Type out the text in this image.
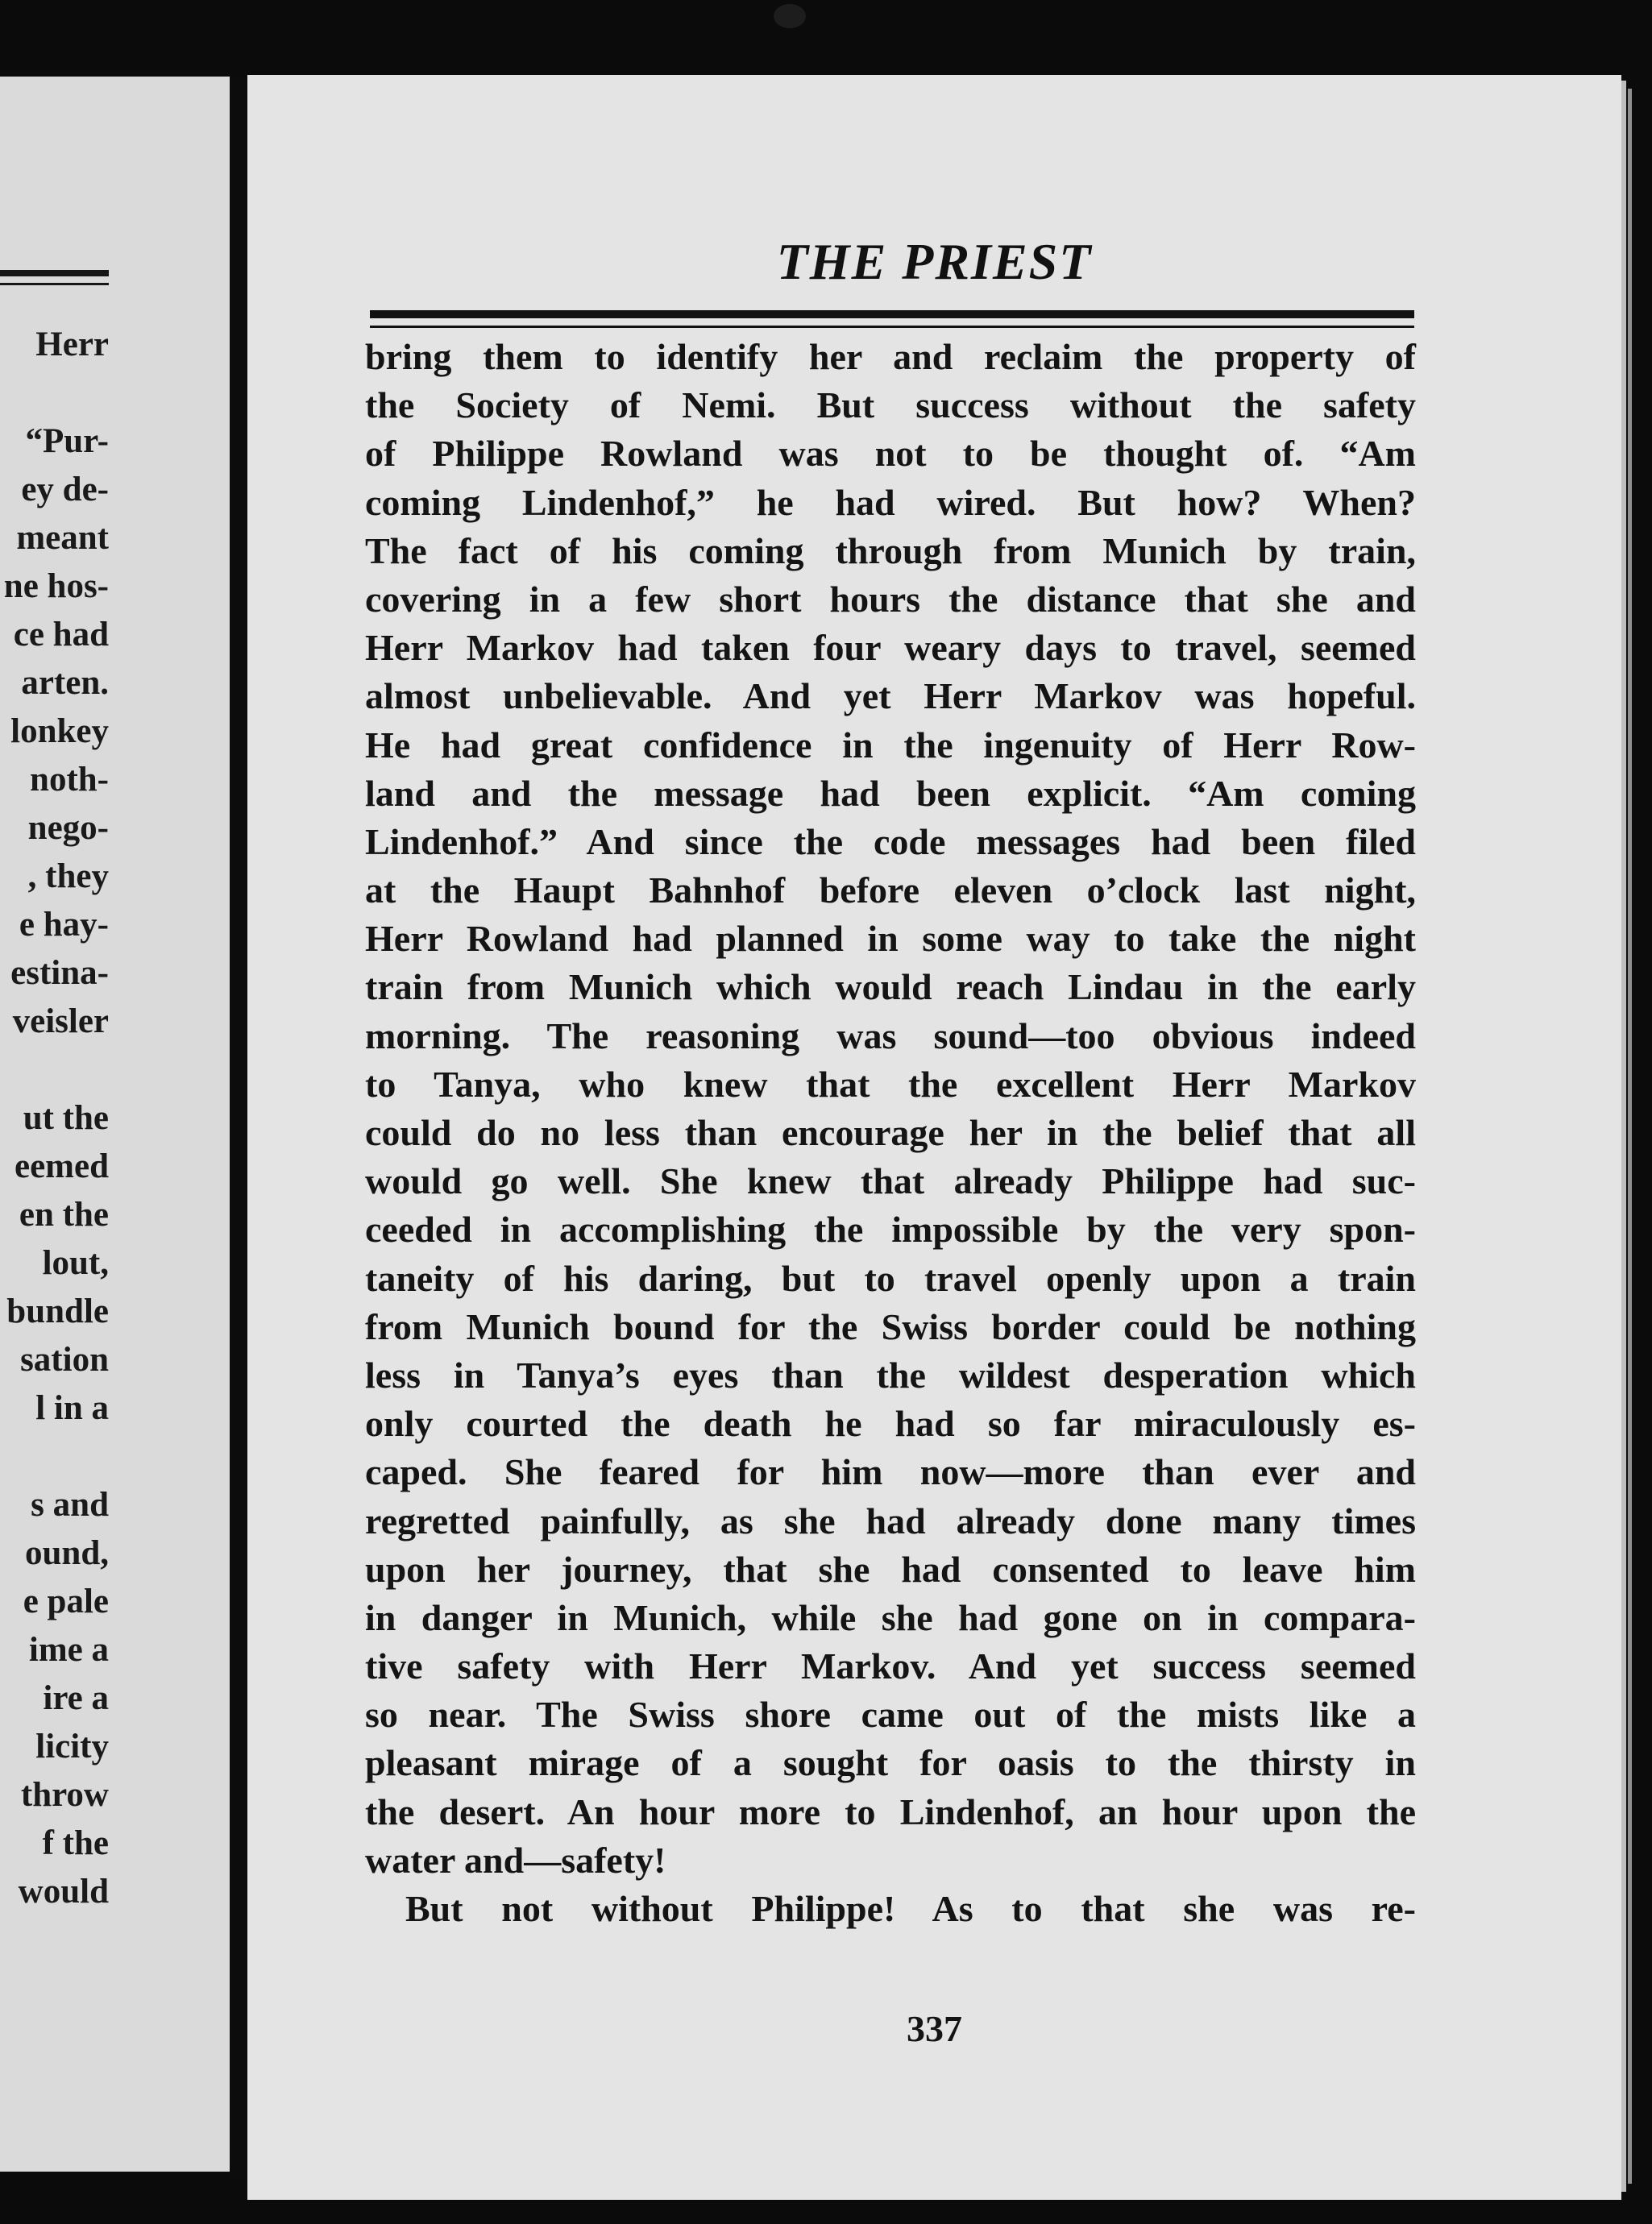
Herr
“Pur-
ey de-
meant
ne hos-
ce had
arten.
lonkey
noth-
nego-
, they
e hay-
estina-
veisler
ut the
eemed
en the
lout,
bundle
sation
l in a
s and
ound,
e pale
ime a
ire a
licity
throw
f the
would
THE PRIEST
bring them to identify her and reclaim the property of
the Society of Nemi. But success without the safety
of Philippe Rowland was not to be thought of. “Am
coming Lindenhof,” he had wired. But how? When?
The fact of his coming through from Munich by train,
covering in a few short hours the distance that she and
Herr Markov had taken four weary days to travel, seemed
almost unbelievable. And yet Herr Markov was hopeful.
He had great confidence in the ingenuity of Herr Row-
land and the message had been explicit. “Am coming
Lindenhof.” And since the code messages had been filed
at the Haupt Bahnhof before eleven o’clock last night,
Herr Rowland had planned in some way to take the night
train from Munich which would reach Lindau in the early
morning. The reasoning was sound—too obvious indeed
to Tanya, who knew that the excellent Herr Markov
could do no less than encourage her in the belief that all
would go well. She knew that already Philippe had suc-
ceeded in accomplishing the impossible by the very spon-
taneity of his daring, but to travel openly upon a train
from Munich bound for the Swiss border could be nothing
less in Tanya’s eyes than the wildest desperation which
only courted the death he had so far miraculously es-
caped. She feared for him now—more than ever and
regretted painfully, as she had already done many times
upon her journey, that she had consented to leave him
in danger in Munich, while she had gone on in compara-
tive safety with Herr Markov. And yet success seemed
so near. The Swiss shore came out of the mists like a
pleasant mirage of a sought for oasis to the thirsty in
the desert. An hour more to Lindenhof, an hour upon the
water and—safety!
But not without Philippe! As to that she was re-
337
